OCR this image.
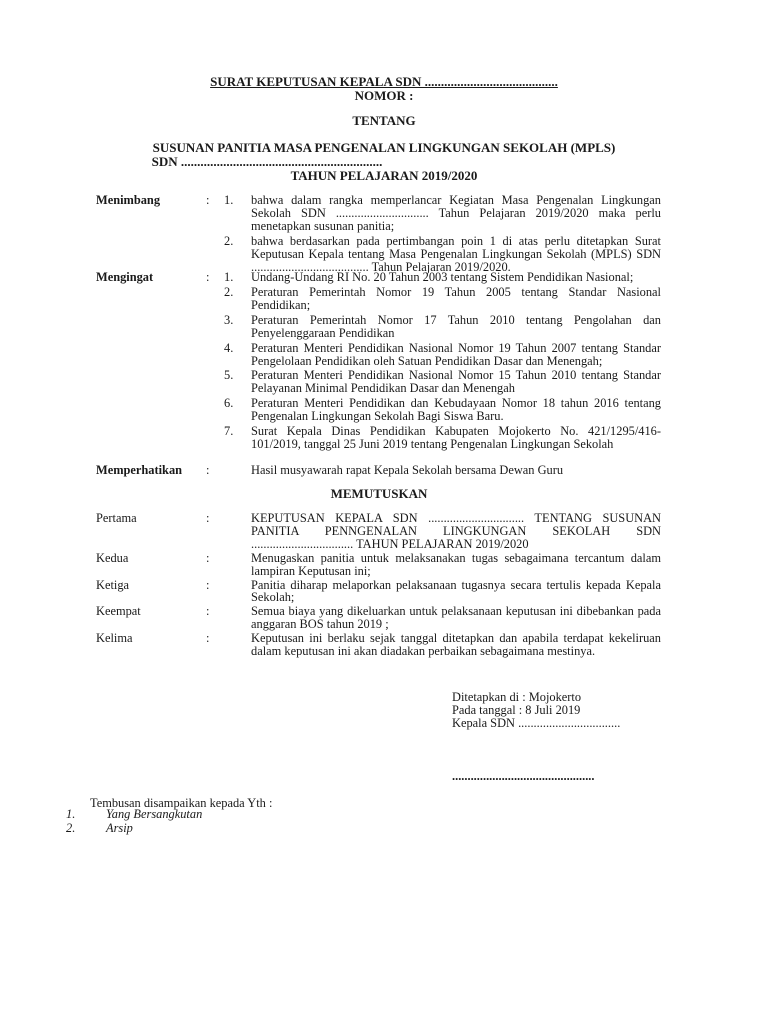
SURAT KEPUTUSAN KEPALA SDN .........................................
NOMOR :
TENTANG
SUSUNAN PANITIA MASA PENGENALAN LINGKUNGAN SEKOLAH (MPLS)
SDN ..............................................................
TAHUN PELAJARAN 2019/2020
Menimbang	:	1.	bahwa dalam rangka memperlancar Kegiatan Masa Pengenalan Lingkungan Sekolah SDN .............................. Tahun Pelajaran 2019/2020 maka perlu menetapkan susunan panitia;
2.	bahwa berdasarkan pada pertimbangan poin 1 di atas perlu ditetapkan Surat Keputusan Kepala tentang Masa Pengenalan Lingkungan Sekolah (MPLS) SDN ...................................... Tahun Pelajaran 2019/2020.
Mengingat	:	1.	Undang-Undang RI No. 20 Tahun 2003 tentang Sistem Pendidikan Nasional;
2.	Peraturan Pemerintah Nomor 19 Tahun 2005 tentang Standar Nasional Pendidikan;
3.	Peraturan Pemerintah Nomor 17 Tahun 2010 tentang Pengolahan dan Penyelenggaraan Pendidikan
4.	Peraturan Menteri Pendidikan Nasional Nomor 19 Tahun 2007 tentang Standar Pengelolaan Pendidikan oleh Satuan Pendidikan Dasar dan Menengah;
5.	Peraturan Menteri Pendidikan Nasional Nomor 15 Tahun 2010 tentang Standar Pelayanan Minimal Pendidikan Dasar dan Menengah
6.	Peraturan Menteri Pendidikan dan Kebudayaan Nomor 18 tahun 2016 tentang Pengenalan Lingkungan Sekolah Bagi Siswa Baru.
7.	Surat Kepala Dinas Pendidikan Kabupaten Mojokerto No. 421/1295/416-101/2019, tanggal 25 Juni 2019 tentang Pengenalan Lingkungan Sekolah
Memperhatikan	:	Hasil musyawarah rapat Kepala Sekolah bersama Dewan Guru
MEMUTUSKAN
Pertama	:	KEPUTUSAN KEPALA SDN ............................... TENTANG SUSUNAN PANITIA PENNGENALAN LINGKUNGAN SEKOLAH SDN ................................. TAHUN PELAJARAN 2019/2020
Kedua	:	Menugaskan panitia untuk melaksanakan tugas sebagaimana tercantum dalam lampiran Keputusan ini;
Ketiga	:	Panitia diharap melaporkan pelaksanaan tugasnya secara tertulis kepada Kepala Sekolah;
Keempat	:	Semua biaya yang dikeluarkan untuk pelaksanaan keputusan ini dibebankan pada anggaran BOS tahun 2019 ;
Kelima	:	Keputusan ini berlaku sejak tanggal ditetapkan dan apabila terdapat kekeliruan dalam keputusan ini akan diadakan perbaikan sebagaimana mestinya.
Ditetapkan di : Mojokerto
Pada tanggal : 8 Juli 2019
Kepala SDN .................................
..............................................
Tembusan disampaikan kepada Yth :
1. Yang Bersangkutan
2. Arsip
